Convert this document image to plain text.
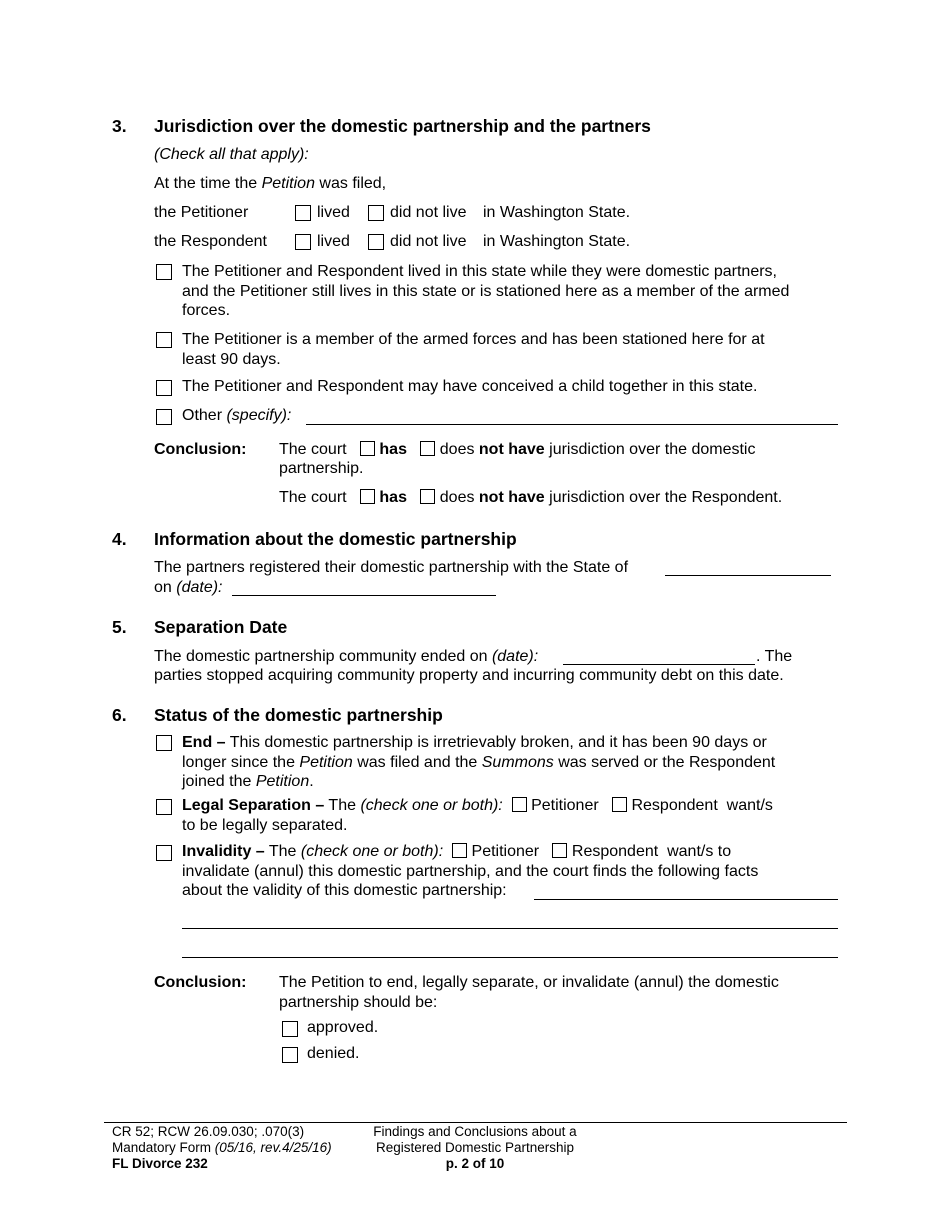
3. Jurisdiction over the domestic partnership and the partners
(Check all that apply):
At the time the Petition was filed,
the Petitioner	lived	did not live in Washington State.
the Respondent	lived	did not live in Washington State.
The Petitioner and Respondent lived in this state while they were domestic partners,
and the Petitioner still lives in this state or is stationed here as a member of the armed
forces.
The Petitioner is a member of the armed forces and has been stationed here for at
least 90 days.
The Petitioner and Respondent may have conceived a child together in this state.
Other (specify):
Conclusion: The court has does not have jurisdiction over the domestic
partnership.
The court has does not have jurisdiction over the Respondent.
4. Information about the domestic partnership
The partners registered their domestic partnership with the State of
on (date):
5. Separation Date
The domestic partnership community ended on (date):	. The
parties stopped acquiring community property and incurring community debt on this date.
6. Status of the domestic partnership
End – This domestic partnership is irretrievably broken, and it has been 90 days or
longer since the Petition was filed and the Summons was served or the Respondent
joined the Petition.
Legal Separation – The (check one or both): Petitioner Respondent want/s
to be legally separated.
Invalidity – The (check one or both): Petitioner Respondent want/s to
invalidate (annul) this domestic partnership, and the court finds the following facts
about the validity of this domestic partnership:
Conclusion: The Petition to end, legally separate, or invalidate (annul) the domestic
partnership should be:
approved.
denied.
CR 52; RCW 26.09.030; .070(3)
Mandatory Form (05/16, rev.4/25/16)
FL Divorce 232
Findings and Conclusions about a
Registered Domestic Partnership
p. 2 of 10
